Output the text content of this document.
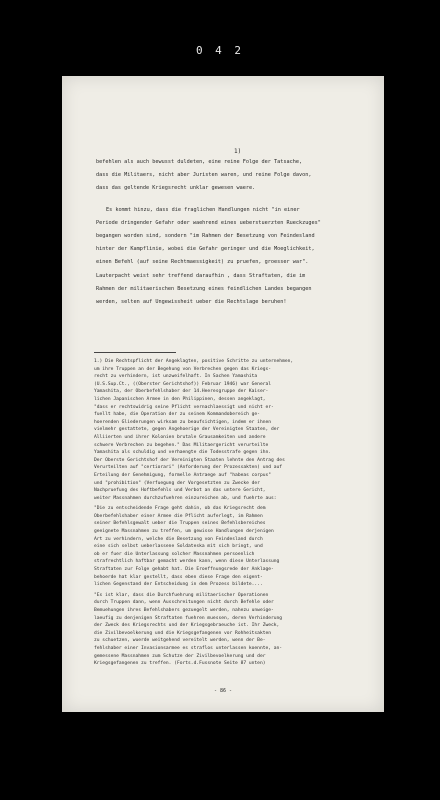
0 4 2
1)

befehlen als auch bewusst duldeten, eine reine Folge der Tatsache,

dass die Militaers, nicht aber Juristen waren, und reine Folge davon,

dass das geltende Kriegsrecht unklar gewesen waere.

Es kommt hinzu, dass die fraglichen Handlungen nicht "in einer

Periode dringender Gefahr oder waehrend eines ueberstuerzten Rueckzuges"

begangen worden sind, sondern "im Rahmen der Besetzung von Feindesland

hinter der Kampflinie, wobei die Gefahr geringer und die Moeglichkeit,

einen Befehl (auf seine Rechtmaessigkeit) zu pruefen, groesser war".

Lauterpacht weist sehr treffend daraufhin , dass Straftaten, die im

Rahmen der militaerischen Besetzung eines feindlichen Landes begangen

werden, selten auf Ungewissheit ueber die Rechtslage beruhen!

1.) Die Rechtspflicht der Angeklagten, positive Schritte zu unternehmen,

um ihre Truppen an der Begehung von Verbrechen gegen das Kriegs-

recht zu verhindern, ist unzweifelhaft. In Sachen Yamashita

(U.S.Sup.Ct., ((Oberster Gerichtshof)) Februar 1946) war General

Yamashita, der Oberbefehlshaber der 14.Heeresgruppe der Kaiser-

lichen Japanischen Armee in den Philippinen, dessen angeklagt,

"dass er rechtswidrig seine Pflicht vernachlaessigt und nicht er-

fuellt habe, die Operation der zu seinem Kommandobereich ge-

hoerenden Gliederungen wirksam zu beaufsichtigen, indem er ihnen

vielmehr gestattete, gegen Angehoerige der Vereinigten Staaten, der

Alliierten und ihrer Kolonien brutale Grausamkeiten und andere

schwere Verbrechen zu begehen." Das Militaergericht verurteilte

Yamashita als schuldig und verhaengte die Todesstrafe gegen ihn.

Der Oberste Gerichtshof der Vereinigten Staaten lehnte den Antrag des

Verurteilten auf "certiorari" (Anforderung der Prozessakten) und auf

Erteilung der Genehmigung, formelle Antraege auf "habeas corpus"

und "prohibition" (Verfuegung der Vorgesetzten zu Zwecke der

Nachpruefung des Hoftbefehls und Verbot an das untere Gericht,

weiter Massnahmen durchzufuehren einzureichen ab, und fuehrte aus:

"Die zu entscheidende Frage geht dahin, ob das Kriegsrecht dem

Oberbefehlshaber einer Armee die Pflicht auferlegt, im Rahmen

seiner Befehlsgewalt ueber die Truppen seines Befehlsbereiches

geeignete Massnahmen zu treffen, um gewisse Handlungen derjenigen

Art zu verhindern, welche die Besetzung von Feindesland durch

eine sich selbst ueberlassene Soldateska mit sich bringt, und

ob er fuer die Unterlassung solcher Massnahmen persoenlich

strafrechtlich haftbar gemacht werden kann, wenn diese Unterlassung

Straftaten zur Folge gehabt hat. Die Eroeffnungsrede der Anklage-

behoerde hat klar gestellt, dass eben diese Frage den eigent-

lichen Gegenstand der Entscheidung in dem Prozess bildete....

"Es ist klar, dass die Durchfuehrung militaerischer Operationen

durch Truppen dann, wenn Ausschreitungen nicht durch Befehle oder

Bemuehungen ihres Befehlshabers gezuegelt werden, nahezu unweige-

laeufig zu denjenigen Straftaten fuehren muessen, deren Verhinderung

der Zweck des Kriegsrechts und der Kriegsgebraeuche ist. Ihr Zweck,

die Zivilbevoelkerung und die Kriegsgefangenen vor Rohheitsakten

zu schuetzen, wuerde weitgehend vereitelt werden, wenn der Be-

fehlshaber einer Invasionsarmee es straflos unterlassen koennte, an-

gemessene Massnahmen zum Schutze der Zivilbevoelkerung und der

Kriegsgefangenen zu treffen. (Forts.d.Fussnote Seite 87 unten)

- 86 -
